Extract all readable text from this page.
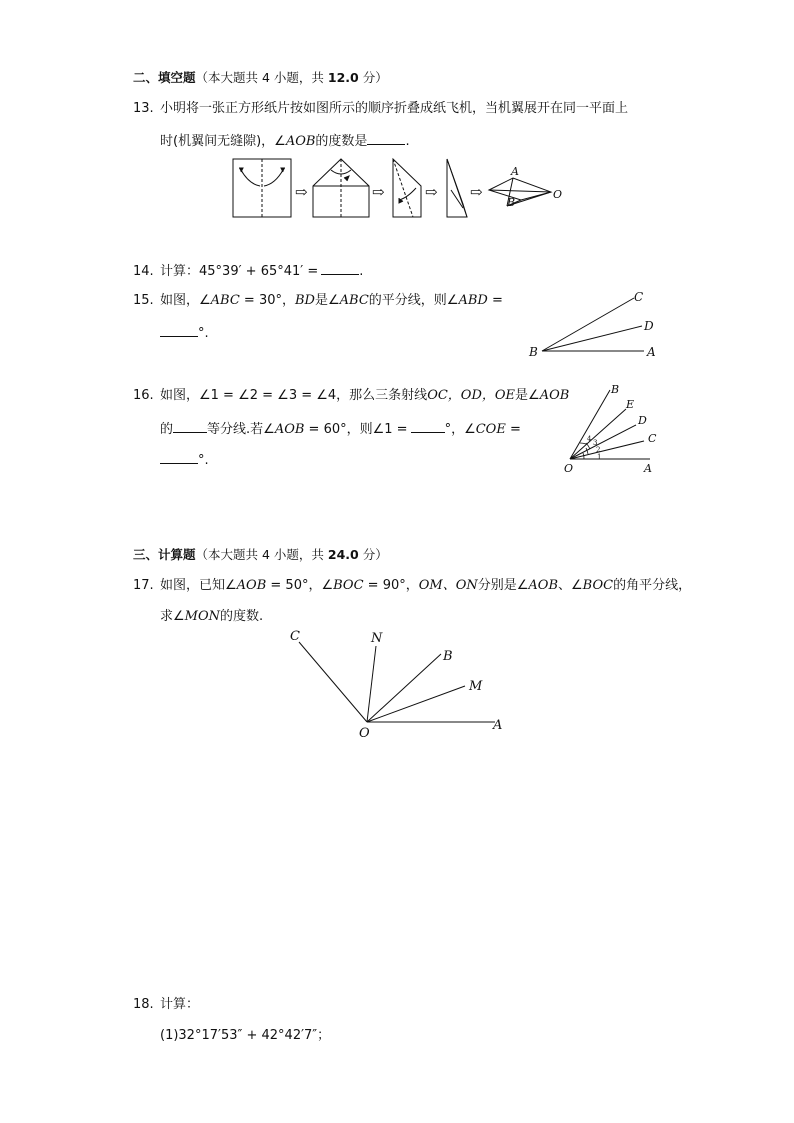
二、填空题（本大题共 4 小题，共 12.0 分）
13. 小明将一张正方形纸片按如图所示的顺序折叠成纸飞机，当机翼展开在同一平面上
时(机翼间无缝隙)，∠AOB的度数是	.
⇨	⇨	⇨ ⇨
A
B
O
14. 计算：45°39′ + 65°41′ =	.
15. 如图，∠ABC = 30°，BD是∠ABC的平分线，则∠ABD =
°.
C
D
A
B
16. 如图，∠1 = ∠2 = ∠3 = ∠4，那么三条射线OC，OD，OE是∠AOB
的	等分线.若∠AOB = 60°，则∠1 =	°，∠COE =
°.	1
2
3
4
B
E
D
C
A
O
三、计算题（本大题共 4 小题，共 24.0 分）
17. 如图，已知∠AOB = 50°，∠BOC = 90°，OM、ON分别是∠AOB、∠BOC的角平分线，
求∠MON的度数.
C	N
B
M
A
O
18. 计算：
(1)32°17′53″ + 42°42′7″；
